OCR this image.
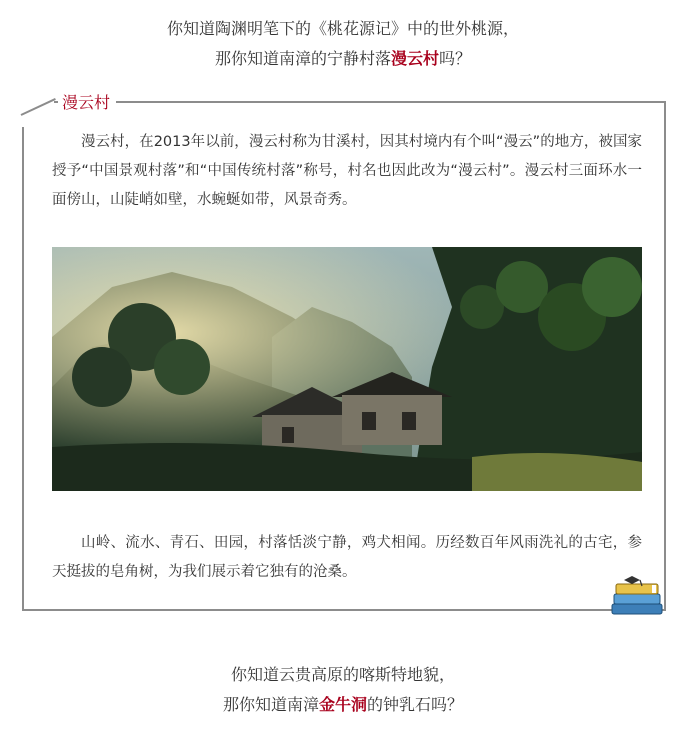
你知道陶渊明笔下的《桃花源记》中的世外桃源，
那你知道南漳的宁静村落漫云村吗？
漫云村
漫云村，在2013年以前，漫云村称为甘溪村，因其村境内有个叫“漫云”的地方，被国家授予“中国景观村落”和“中国传统村落”称号，村名也因此改为“漫云村”。漫云村三面环水一面傍山，山陡峭如壁，水蜿蜒如带，风景奇秀。
山岭、流水、青石、田园，村落恬淡宁静，鸡犬相闻。历经数百年风雨洗礼的古宅，参天挺拔的皂角树，为我们展示着它独有的沧桑。
你知道云贵高原的喀斯特地貌，
那你知道南漳金牛洞的钟乳石吗？
